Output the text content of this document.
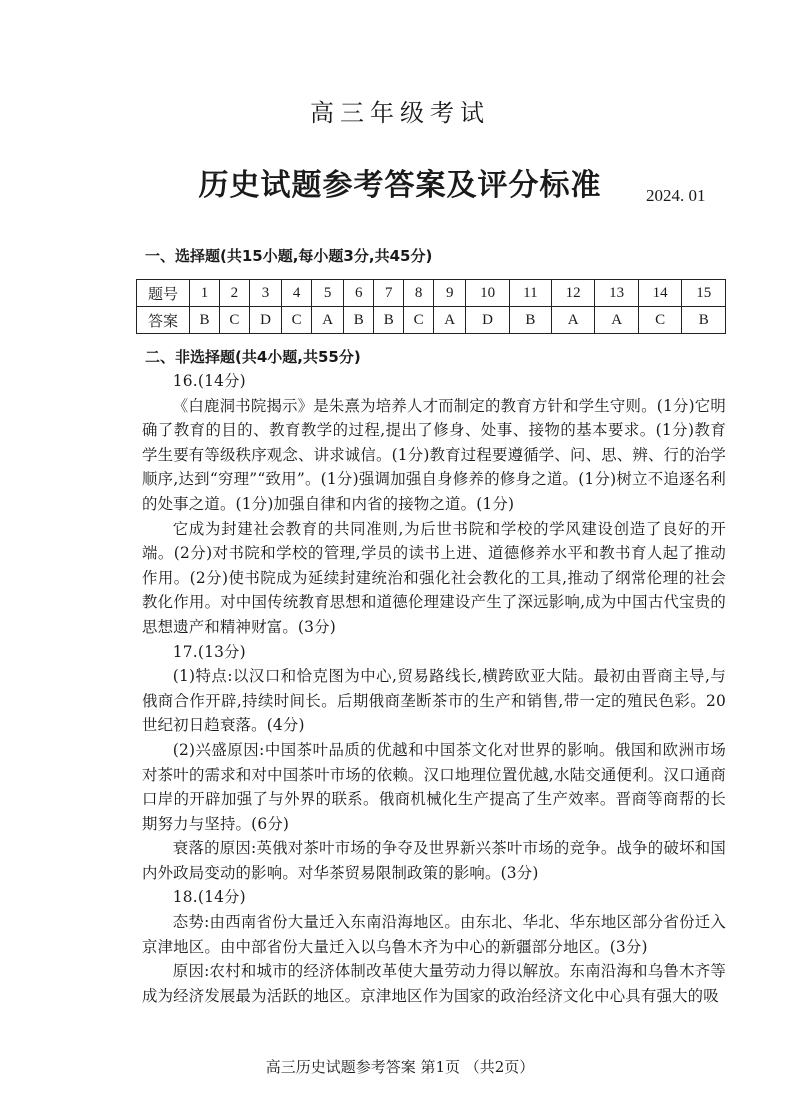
高三年级考试
历史试题参考答案及评分标准	2024. 01
一、选择题(共15小题,每小题3分,共45分)
题号	1	2	3	4	5	6	7	8	9	10	11	12	13	14	15
答案	B	C	D	C	A	B	B	C	A	D	B	A	A	C	B
二、非选择题(共4小题,共55分)

16.(14分)

《白鹿洞书院揭示》是朱熹为培养人才而制定的教育方针和学生守则。(1分)它明确了教育的目的、教育教学的过程,提出了修身、处事、接物的基本要求。(1分)教育学生要有等级秩序观念、讲求诚信。(1分)教育过程要遵循学、问、思、辨、行的治学顺序,达到“穷理”“致用”。(1分)强调加强自身修养的修身之道。(1分)树立不追逐名利的处事之道。(1分)加强自律和内省的接物之道。(1分)

它成为封建社会教育的共同准则,为后世书院和学校的学风建设创造了良好的开端。(2分)对书院和学校的管理,学员的读书上进、道德修养水平和教书育人起了推动作用。(2分)使书院成为延续封建统治和强化社会教化的工具,推动了纲常伦理的社会教化作用。对中国传统教育思想和道德伦理建设产生了深远影响,成为中国古代宝贵的思想遗产和精神财富。(3分)

17.(13分)

(1)特点:以汉口和恰克图为中心,贸易路线长,横跨欧亚大陆。最初由晋商主导,与俄商合作开辟,持续时间长。后期俄商垄断茶市的生产和销售,带一定的殖民色彩。20世纪初日趋衰落。(4分)

(2)兴盛原因:中国茶叶品质的优越和中国茶文化对世界的影响。俄国和欧洲市场对茶叶的需求和对中国茶叶市场的依赖。汉口地理位置优越,水陆交通便利。汉口通商口岸的开辟加强了与外界的联系。俄商机械化生产提高了生产效率。晋商等商帮的长期努力与坚持。(6分)

衰落的原因:英俄对茶叶市场的争夺及世界新兴茶叶市场的竞争。战争的破坏和国内外政局变动的影响。对华茶贸易限制政策的影响。(3分)

18.(14分)

态势:由西南省份大量迁入东南沿海地区。由东北、华北、华东地区部分省份迁入京津地区。由中部省份大量迁入以乌鲁木齐为中心的新疆部分地区。(3分)

原因:农村和城市的经济体制改革使大量劳动力得以解放。东南沿海和乌鲁木齐等成为经济发展最为活跃的地区。京津地区作为国家的政治经济文化中心具有强大的吸

高三历史试题参考答案 第1页 （共2页）
